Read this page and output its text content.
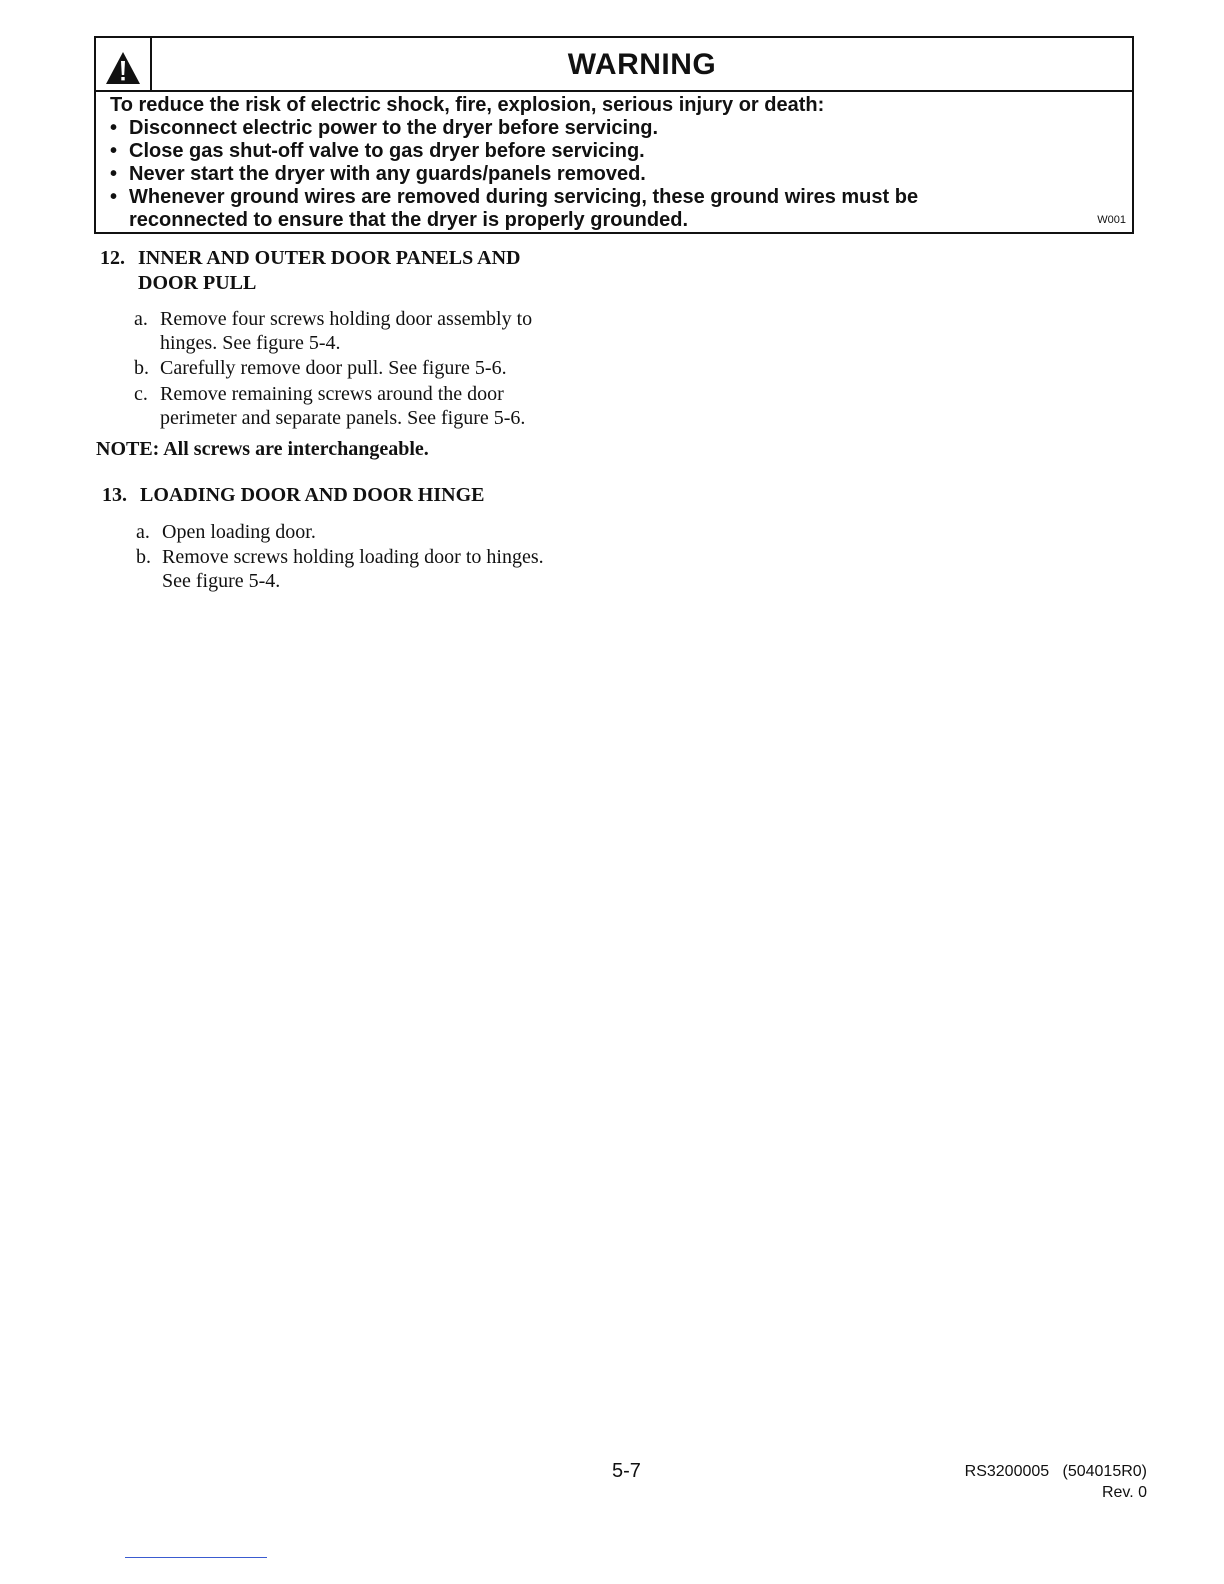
WARNING
To reduce the risk of electric shock, fire, explosion, serious injury or death:
• Disconnect electric power to the dryer before servicing.
• Close gas shut-off valve to gas dryer before servicing.
• Never start the dryer with any guards/panels removed.
• Whenever ground wires are removed during servicing, these ground wires must be reconnected to ensure that the dryer is properly grounded.	W001
12. INNER AND OUTER DOOR PANELS AND
DOOR PULL
a. Remove four screws holding door assembly to hinges. See figure 5-4.
b. Carefully remove door pull. See figure 5-6.
c. Remove remaining screws around the door perimeter and separate panels. See figure 5-6.
NOTE: All screws are interchangeable.
13. LOADING DOOR AND DOOR HINGE
a. Open loading door.
b. Remove screws holding loading door to hinges. See figure 5-4.
5-7	RS3200005   (504015R0)
Rev. 0
